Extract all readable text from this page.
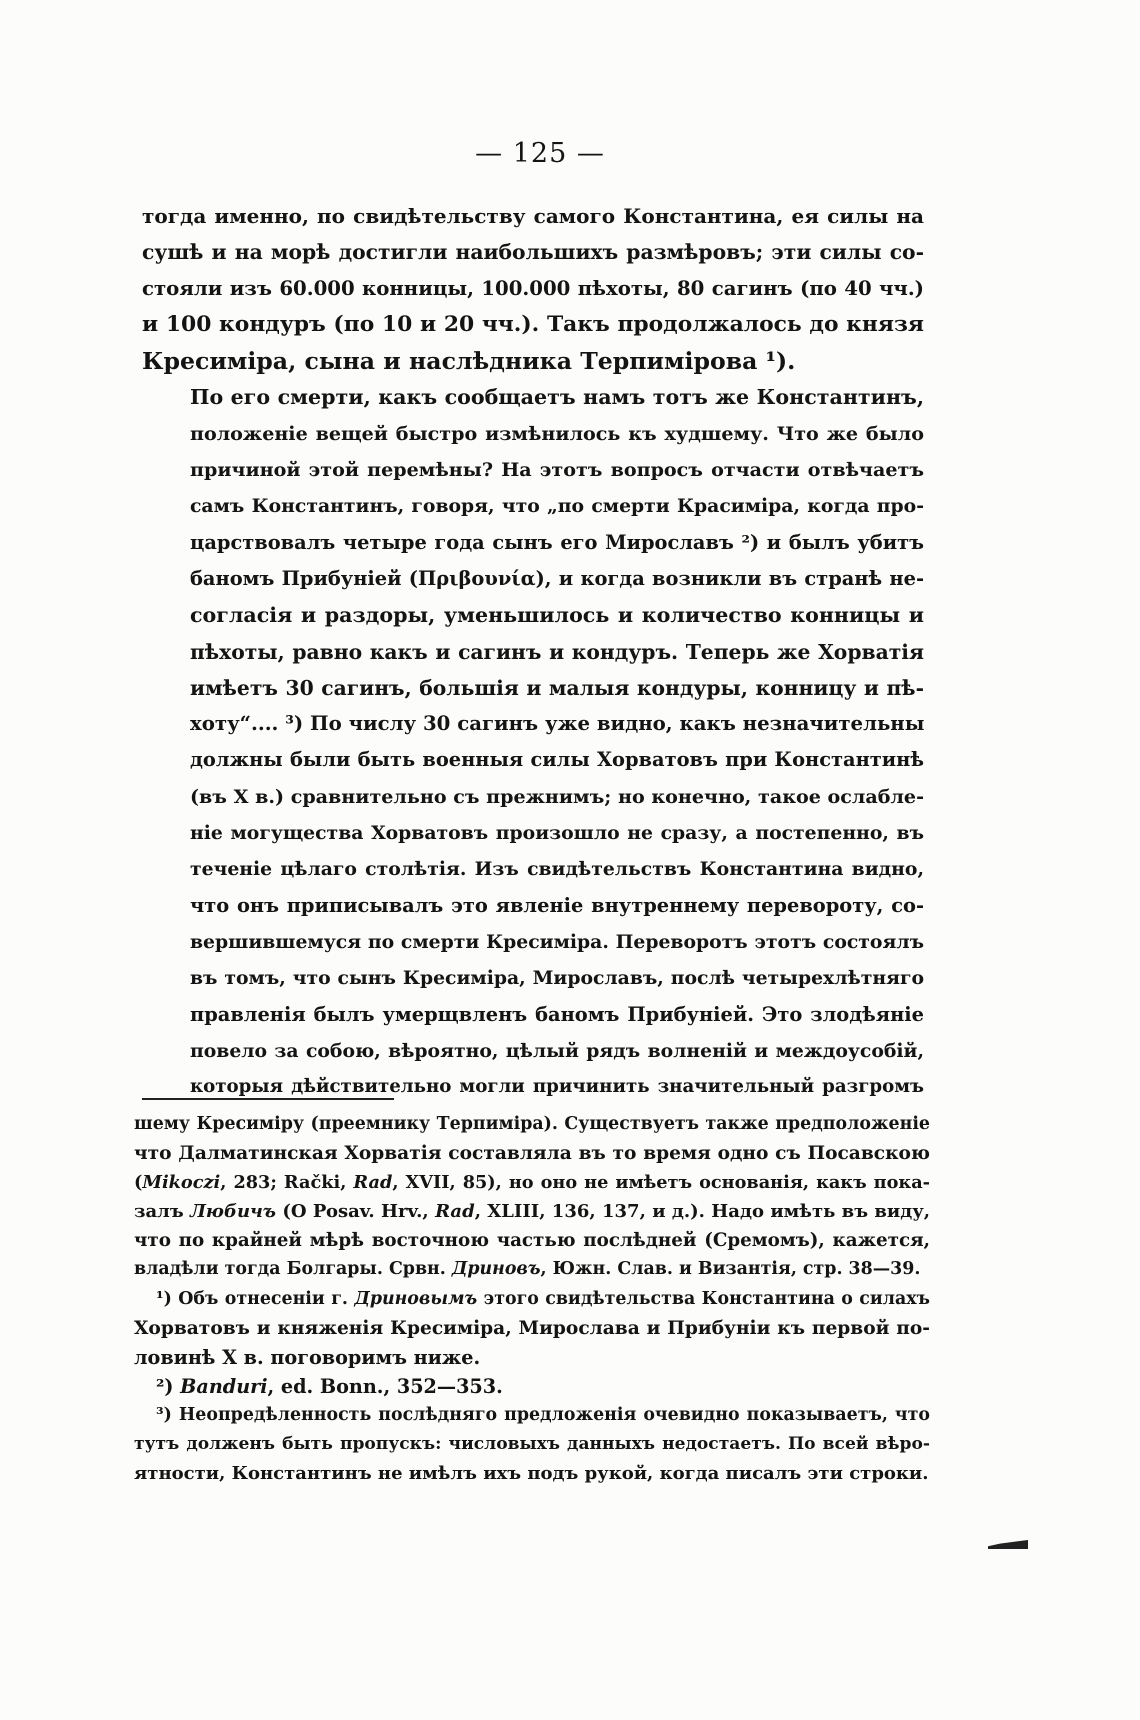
— 125 —

тогда именно, по свидѣтельству самого Константина, ея силы на
сушѣ и на морѣ достигли наибольшихъ размѣровъ; эти силы со-
стояли изъ 60.000 конницы, 100.000 пѣхоты, 80 сагинъ (по 40 чч.)
и 100 кондуръ (по 10 и 20 чч.). Такъ продолжалось до князя
Кресиміра, сына и наслѣдника Терпимірова ¹).

По его смерти, какъ сообщаетъ намъ тотъ же Константинъ,
положеніе вещей быстро измѣнилось къ худшему. Что же было
причиной этой перемѣны? На этотъ вопросъ отчасти отвѣчаетъ
самъ Константинъ, говоря, что „по смерти Красиміра, когда про-
царствовалъ четыре года сынъ его Мирославъ ²) и былъ убитъ
баномъ Прибуніей (Πριβουνία), и когда возникли въ странѣ не-
согласія и раздоры, уменьшилось и количество конницы и
пѣхоты, равно какъ и сагинъ и кондуръ. Теперь же Хорватія
имѣетъ 30 сагинъ, большія и малыя кондуры, конницу и пѣ-
хоту“.... ³) По числу 30 сагинъ уже видно, какъ незначительны
должны были быть военныя силы Хорватовъ при Константинѣ
(въ X в.) сравнительно съ прежнимъ; но конечно, такое ослабле-
ніе могущества Хорватовъ произошло не сразу, а постепенно, въ
теченіе цѣлаго столѣтія. Изъ свидѣтельствъ Константина видно,
что онъ приписывалъ это явленіе внутреннему перевороту, со-
вершившемуся по смерти Кресиміра. Переворотъ этотъ состоялъ
въ томъ, что сынъ Кресиміра, Мирославъ, послѣ четырехлѣтняго
правленія былъ умерщвленъ баномъ Прибуніей. Это злодѣяніе
повело за собою, вѣроятно, цѣлый рядъ волненій и междоусобій,
которыя дѣйствительно могли причинить значительный разгромъ

шему Кресиміру (преемнику Терпиміра). Существуетъ также предположеніе
что Далматинская Хорватія составляла въ то время одно съ Посавскою
(Mikoczi, 283; Rački, Rad, XVII, 85), но оно не имѣетъ основанія, какъ пока-
залъ Любичъ (O Posav. Hrv., Rad, XLIII, 136, 137, и д.). Надо имѣть въ виду,
что по крайней мѣрѣ восточною частью послѣдней (Сремомъ), кажется,
владѣли тогда Болгары. Срвн. Дриновъ, Южн. Слав. и Византія, стр. 38—39.

¹) Объ отнесеніи г. Дриновымъ этого свидѣтельства Константина о силахъ
Хорватовъ и княженія Кресиміра, Мирослава и Прибуніи къ первой по-
ловинѣ X в. поговоримъ ниже.

²) Banduri, ed. Bonn., 352—353.

³) Неопредѣленность послѣдняго предложенія очевидно показываетъ, что
тутъ долженъ быть пропускъ: числовыхъ данныхъ недостаетъ. По всей вѣро-
ятности, Константинъ не имѣлъ ихъ подъ рукой, когда писалъ эти строки.
